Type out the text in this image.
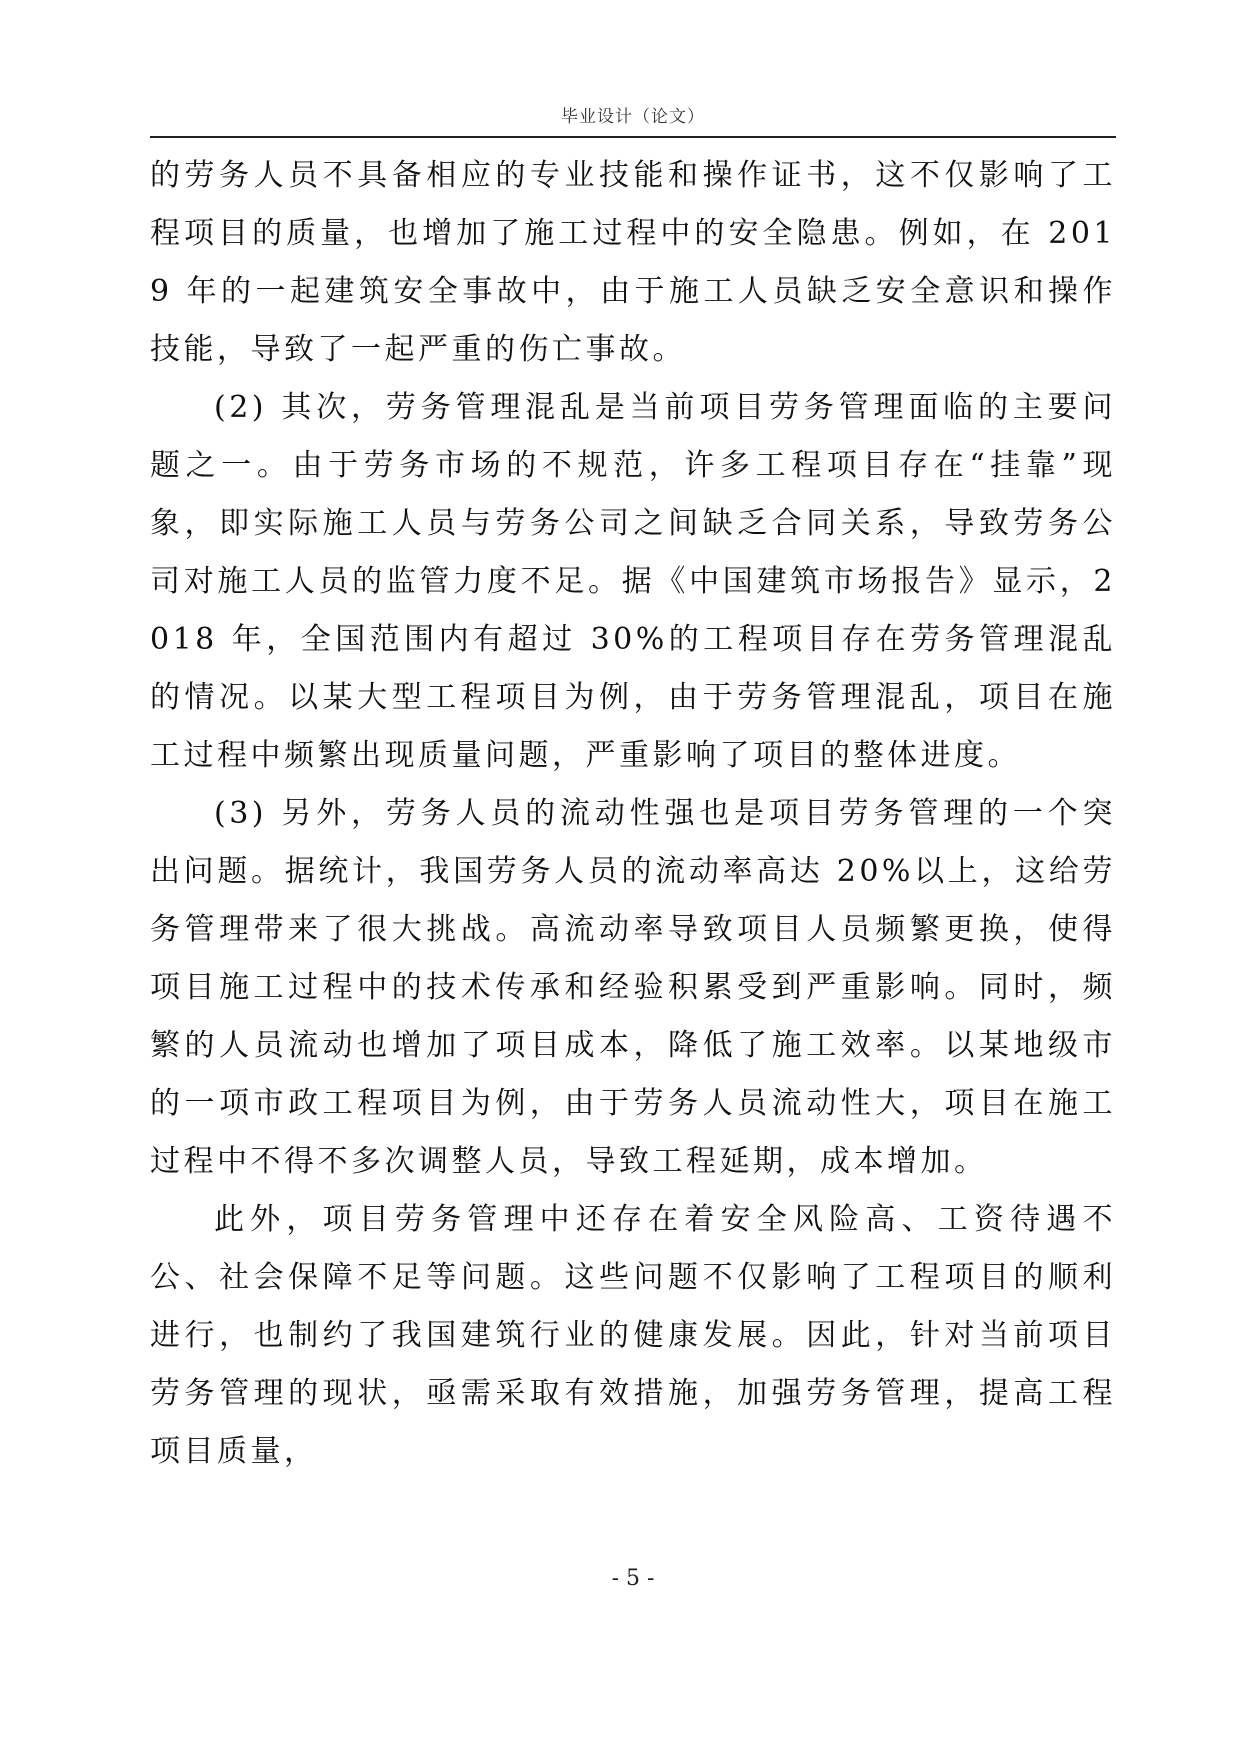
毕业设计（论文）

的劳务人员不具备相应的专业技能和操作证书，这不仅影响了工程项目的质量，也增加了施工过程中的安全隐患。例如，在 2019 年的一起建筑安全事故中，由于施工人员缺乏安全意识和操作技能，导致了一起严重的伤亡事故。

(2) 其次，劳务管理混乱是当前项目劳务管理面临的主要问题之一。由于劳务市场的不规范，许多工程项目存在“挂靠”现象，即实际施工人员与劳务公司之间缺乏合同关系，导致劳务公司对施工人员的监管力度不足。据《中国建筑市场报告》显示，2018 年，全国范围内有超过 30%的工程项目存在劳务管理混乱的情况。以某大型工程项目为例，由于劳务管理混乱，项目在施工过程中频繁出现质量问题，严重影响了项目的整体进度。

(3) 另外，劳务人员的流动性强也是项目劳务管理的一个突出问题。据统计，我国劳务人员的流动率高达 20%以上，这给劳务管理带来了很大挑战。高流动率导致项目人员频繁更换，使得项目施工过程中的技术传承和经验积累受到严重影响。同时，频繁的人员流动也增加了项目成本，降低了施工效率。以某地级市的一项市政工程项目为例，由于劳务人员流动性大，项目在施工过程中不得不多次调整人员，导致工程延期，成本增加。

此外，项目劳务管理中还存在着安全风险高、工资待遇不公、社会保障不足等问题。这些问题不仅影响了工程项目的顺利进行，也制约了我国建筑行业的健康发展。因此，针对当前项目劳务管理的现状，亟需采取有效措施，加强劳务管理，提高工程项目质量，

- 5 -
